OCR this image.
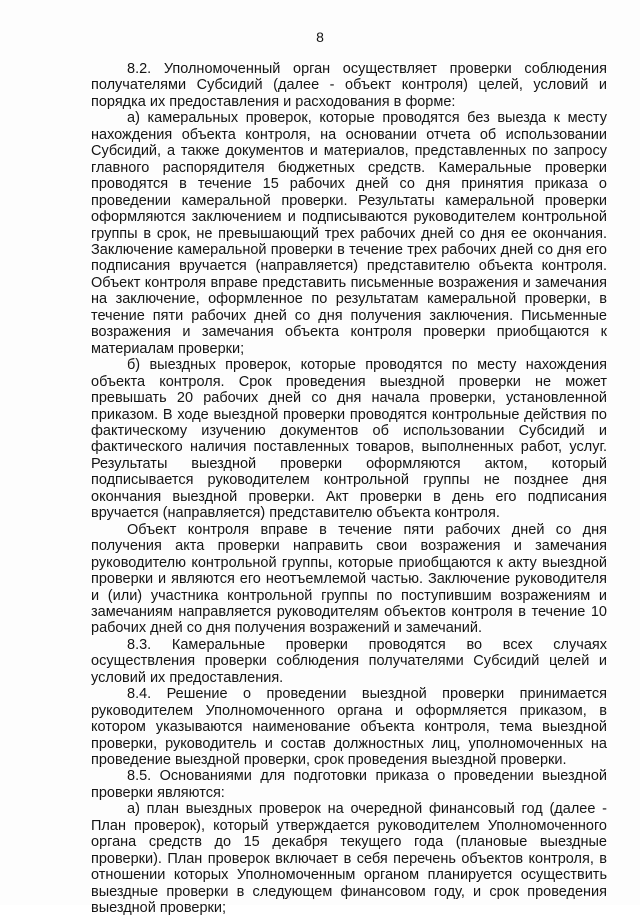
8

8.2. Уполномоченный орган осуществляет проверки соблюдения получателями Субсидий (далее - объект контроля) целей, условий и порядка их предоставления и расходования в форме:

а) камеральных проверок, которые проводятся без выезда к месту нахождения объекта контроля, на основании отчета об использовании Субсидий, а также документов и материалов, представленных по запросу главного распорядителя бюджетных средств. Камеральные проверки проводятся в течение 15 рабочих дней со дня принятия приказа о проведении камеральной проверки. Результаты камеральной проверки оформляются заключением и подписываются руководителем контрольной группы в срок, не превышающий трех рабочих дней со дня ее окончания. Заключение камеральной проверки в течение трех рабочих дней со дня его подписания вручается (направляется) представителю объекта контроля. Объект контроля вправе представить письменные возражения и замечания на заключение, оформленное по результатам камеральной проверки, в течение пяти рабочих дней со дня получения заключения. Письменные возражения и замечания объекта контроля проверки приобщаются к материалам проверки;

б) выездных проверок, которые проводятся по месту нахождения объекта контроля. Срок проведения выездной проверки не может превышать 20 рабочих дней со дня начала проверки, установленной приказом. В ходе выездной проверки проводятся контрольные действия по фактическому изучению документов об использовании Субсидий и фактического наличия поставленных товаров, выполненных работ, услуг. Результаты выездной проверки оформляются актом, который подписывается руководителем контрольной группы не позднее дня окончания выездной проверки. Акт проверки в день его подписания вручается (направляется) представителю объекта контроля.

Объект контроля вправе в течение пяти рабочих дней со дня получения акта проверки направить свои возражения и замечания руководителю контрольной группы, которые приобщаются к акту выездной проверки и являются его неотъемлемой частью. Заключение руководителя и (или) участника контрольной группы по поступившим возражениям и замечаниям направляется руководителям объектов контроля в течение 10 рабочих дней со дня получения возражений и замечаний.

8.3. Камеральные проверки проводятся во всех случаях осуществления проверки соблюдения получателями Субсидий целей и условий их предоставления.

8.4. Решение о проведении выездной проверки принимается руководителем Уполномоченного органа и оформляется приказом, в котором указываются наименование объекта контроля, тема выездной проверки, руководитель и состав должностных лиц, уполномоченных на проведение выездной проверки, срок проведения выездной проверки.

8.5. Основаниями для подготовки приказа о проведении выездной проверки являются:

а) план выездных проверок на очередной финансовый год (далее - План проверок), который утверждается руководителем Уполномоченного органа средств до 15 декабря текущего года (плановые выездные проверки). План проверок включает в себя перечень объектов контроля, в отношении которых Уполномоченным органом планируется осуществить выездные проверки в следующем финансовом году, и срок проведения выездной проверки;
